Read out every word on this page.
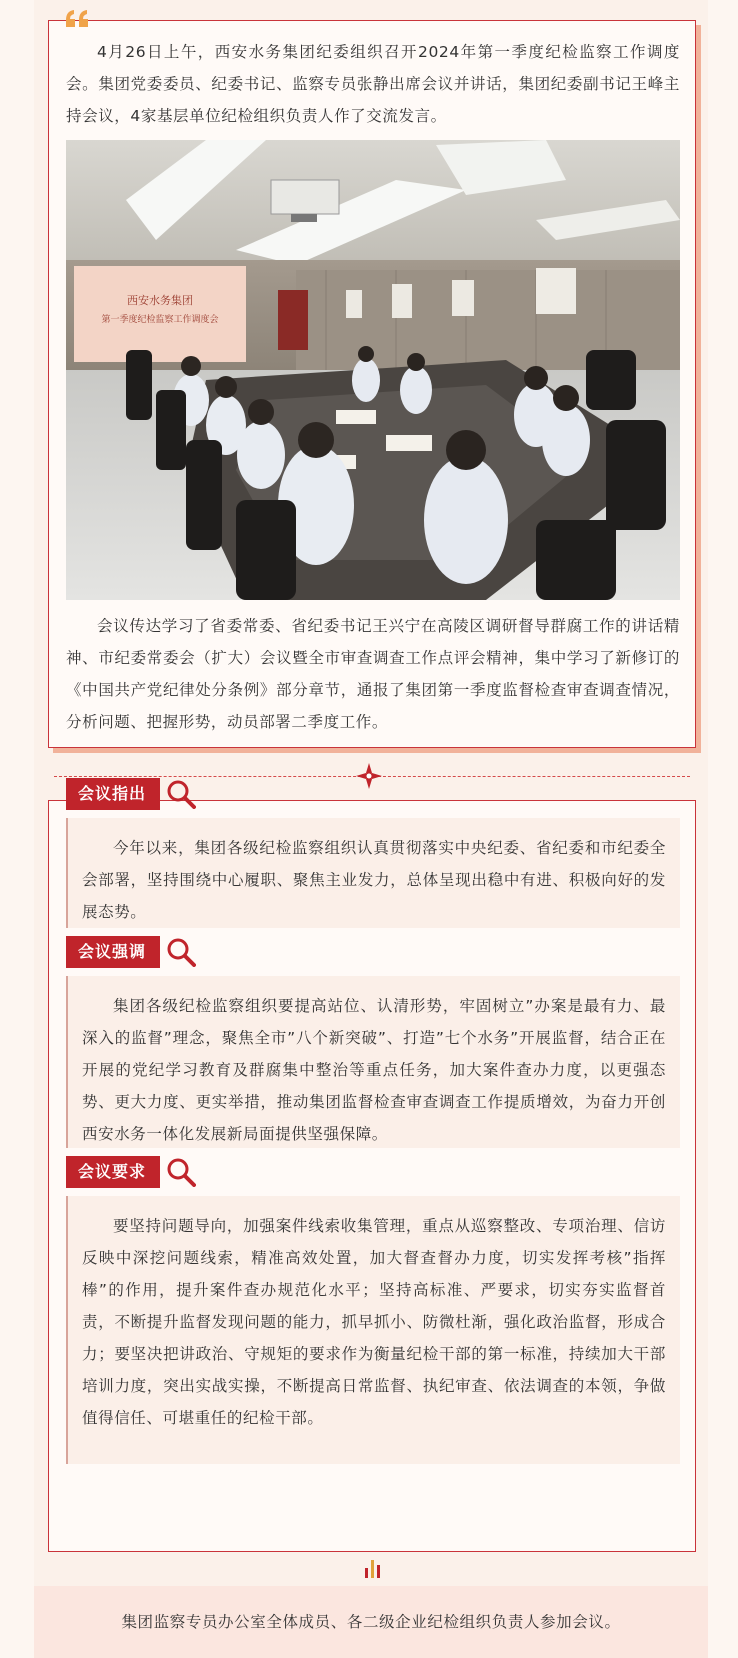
4月26日上午，西安水务集团纪委组织召开2024年第一季度纪检监察工作调度会。集团党委委员、纪委书记、监察专员张静出席会议并讲话，集团纪委副书记王峰主持会议，4家基层单位纪检组织负责人作了交流发言。

西安水务集团
第一季度纪检监察工作调度会

会议传达学习了省委常委、省纪委书记王兴宁在高陵区调研督导群腐工作的讲话精神、市纪委常委会（扩大）会议暨全市审查调查工作点评会精神，集中学习了新修订的《中国共产党纪律处分条例》部分章节，通报了集团第一季度监督检查审查调查情况，分析问题、把握形势，动员部署二季度工作。

会议指出

今年以来，集团各级纪检监察组织认真贯彻落实中央纪委、省纪委和市纪委全会部署，坚持围绕中心履职、聚焦主业发力，总体呈现出稳中有进、积极向好的发展态势。

会议强调

集团各级纪检监察组织要提高站位、认清形势，牢固树立”办案是最有力、最深入的监督”理念，聚焦全市”八个新突破”、打造”七个水务”开展监督，结合正在开展的党纪学习教育及群腐集中整治等重点任务，加大案件查办力度，以更强态势、更大力度、更实举措，推动集团监督检查审查调查工作提质增效，为奋力开创西安水务一体化发展新局面提供坚强保障。

会议要求

要坚持问题导向，加强案件线索收集管理，重点从巡察整改、专项治理、信访反映中深挖问题线索，精准高效处置，加大督查督办力度，切实发挥考核”指挥棒”的作用，提升案件查办规范化水平；坚持高标准、严要求，切实夯实监督首责，不断提升监督发现问题的能力，抓早抓小、防微杜渐，强化政治监督，形成合力；要坚决把讲政治、守规矩的要求作为衡量纪检干部的第一标准，持续加大干部培训力度，突出实战实操，不断提高日常监督、执纪审查、依法调查的本领，争做值得信任、可堪重任的纪检干部。

集团监察专员办公室全体成员、各二级企业纪检组织负责人参加会议。
